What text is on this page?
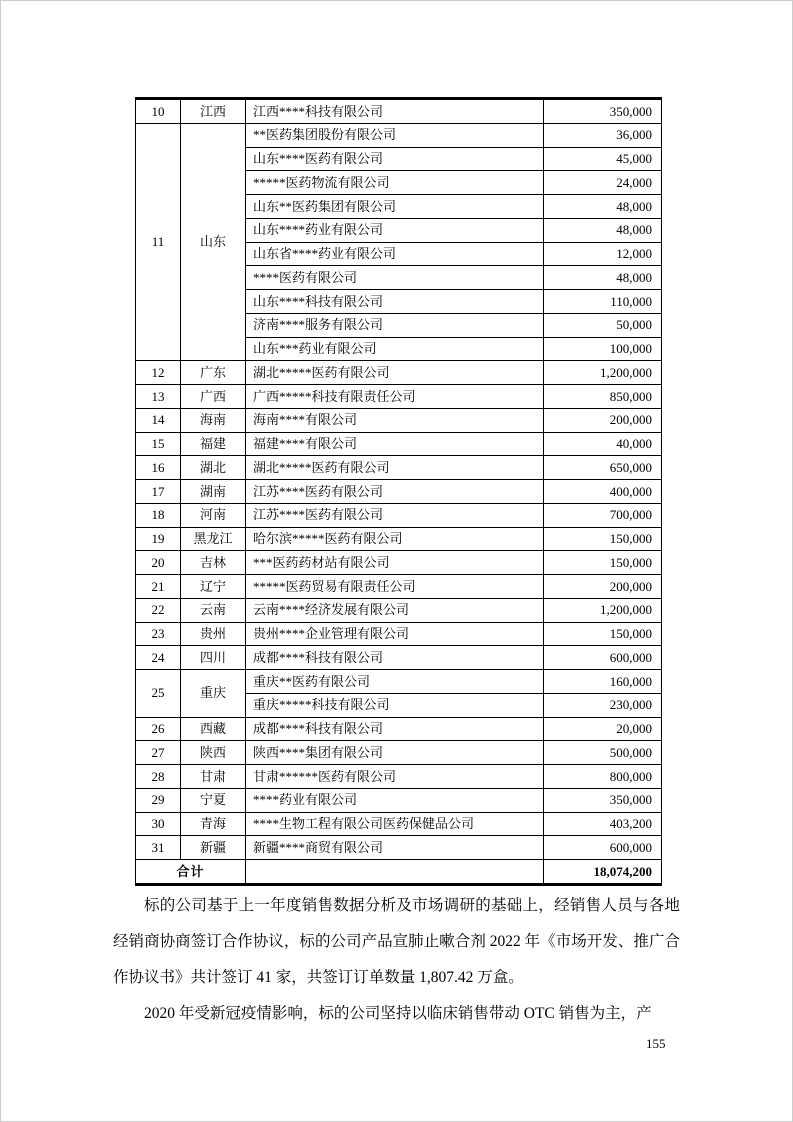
10	江西	江西****科技有限公司	350,000
11	山东	**医药集团股份有限公司	36,000
		山东****医药有限公司	45,000
		*****医药物流有限公司	24,000
		山东**医药集团有限公司	48,000
		山东****药业有限公司	48,000
		山东省****药业有限公司	12,000
		****医药有限公司	48,000
		山东****科技有限公司	110,000
		济南****服务有限公司	50,000
		山东***药业有限公司	100,000
12	广东	湖北*****医药有限公司	1,200,000
13	广西	广西*****科技有限责任公司	850,000
14	海南	海南****有限公司	200,000
15	福建	福建****有限公司	40,000
16	湖北	湖北*****医药有限公司	650,000
17	湖南	江苏****医药有限公司	400,000
18	河南	江苏****医药有限公司	700,000
19	黑龙江	哈尔滨*****医药有限公司	150,000
20	吉林	***医药药材站有限公司	150,000
21	辽宁	*****医药贸易有限责任公司	200,000
22	云南	云南****经济发展有限公司	1,200,000
23	贵州	贵州****企业管理有限公司	150,000
24	四川	成都****科技有限公司	600,000
25	重庆	重庆**医药有限公司	160,000
		重庆*****科技有限公司	230,000
26	西藏	成都****科技有限公司	20,000
27	陕西	陕西****集团有限公司	500,000
28	甘肃	甘肃******医药有限公司	800,000
29	宁夏	****药业有限公司	350,000
30	青海	****生物工程有限公司医药保健品公司	403,200
31	新疆	新疆****商贸有限公司	600,000
合计			18,074,200

标的公司基于上一年度销售数据分析及市场调研的基础上，经销售人员与各地经销商协商签订合作协议，标的公司产品宣肺止嗽合剂 2022 年《市场开发、推广合作协议书》共计签订 41 家，共签订订单数量 1,807.42 万盒。

2020 年受新冠疫情影响，标的公司坚持以临床销售带动 OTC 销售为主，产

155
